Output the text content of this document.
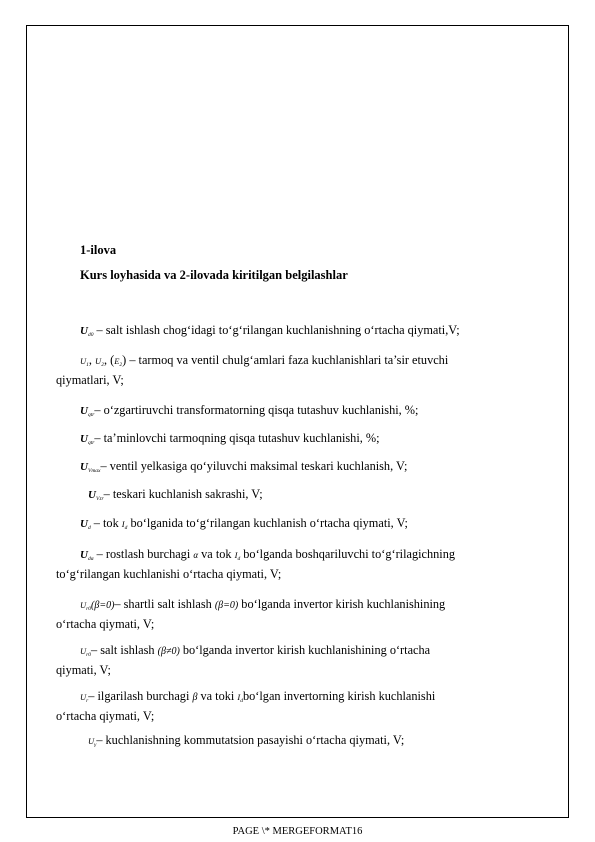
1-ilova
Kurs loyhasida va 2-ilovada kiritilgan belgilashlar
$U_{d0}$ – salt ishlash chog‘idagi to‘g‘rilangan kuchlanishning o‘rtacha qiymati,V;
$U_1$, $U_2$, $(E_2)$ – tarmoq va ventil chulg‘amlari faza kuchlanishlari ta’sir etuvchi
qiymatlari, V;
$U_{qtr}-$ o‘zgartiruvchi transformatorning qisqa tutashuv kuchlanishi, %;
$U_{qtr}-$ ta’minlovchi tarmoqning qisqa tutashuv kuchlanishi, %;
$U_{Vmax}-$ ventil yelkasiga qo‘yiluvchi maksimal teskari kuchlanish, V;
$U_{V.tr}-$ teskari kuchlanish sakrashi, V;
$U_d$ – tok $I_d$ bo‘lganida to‘g‘rilangan kuchlanish o‘rtacha qiymati, V;
$U_{d\alpha}$ – rostlash burchagi α va tok $I_d$ bo‘lganda boshqariluvchi to‘g‘rilagichning
to‘g‘rilangan kuchlanishi o‘rtacha qiymati, V;
$U_{r0}(\beta=0)-$ shartli salt ishlash (β=0) bo‘lganda invertor kirish kuchlanishining
o‘rtacha qiymati, V;
$U_{r0}-$ salt ishlash (β≠0) bo‘lganda invertor kirish kuchlanishining o‘rtacha
qiymati, V;
$U_r-$ ilgarilash burchagi β va toki $I_dbo‘lgan$ invertorning kirish kuchlanishi
o‘rtacha qiymati, V;
$U_\gamma-$ kuchlanishning kommutatsion pasayishi o‘rtacha qiymati, V;
PAGE \* MERGEFORMAT16
